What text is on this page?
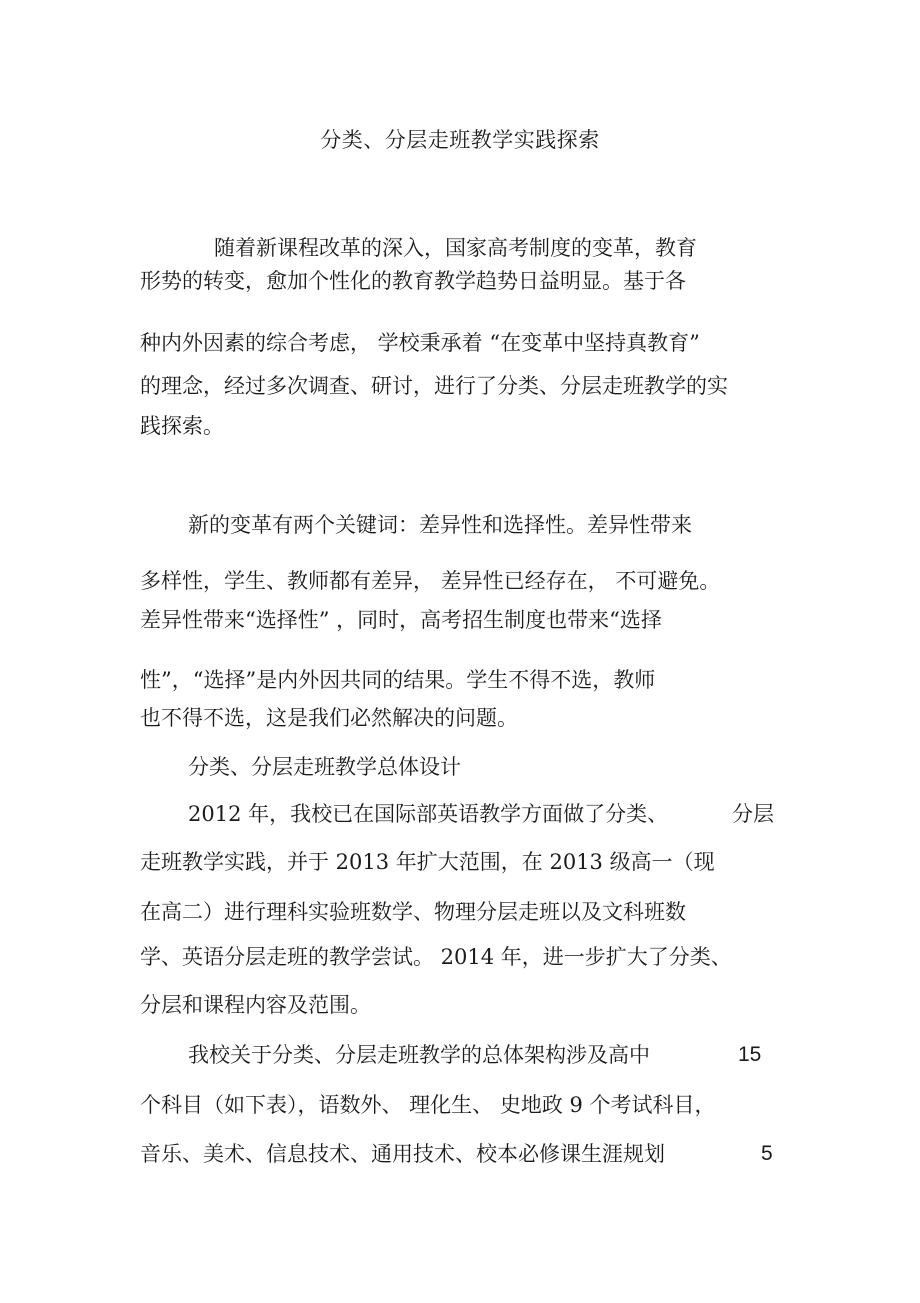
分类、分层走班教学实践探索
随着新课程改革的深入，国家高考制度的变革，教育
形势的转变，愈加个性化的教育教学趋势日益明显。基于各
种内外因素的综合考虑， 学校秉承着 “在变革中坚持真教育”
的理念，经过多次调查、研讨，进行了分类、分层走班教学的实
践探索。
新的变革有两个关键词：差异性和选择性。差异性带来
多样性，学生、教师都有差异， 差异性已经存在， 不可避免。
差异性带来“选择性” ，同时，高考招生制度也带来“选择
性”，“选择”是内外因共同的结果。学生不得不选，教师
也不得不选，这是我们必然解决的问题。
分类、分层走班教学总体设计
2012 年，我校已在国际部英语教学方面做了分类、	分层
走班教学实践，并于 2013 年扩大范围，在 2013 级高一（现
在高二）进行理科实验班数学、物理分层走班以及文科班数
学、英语分层走班的教学尝试。 2014 年，进一步扩大了分类、
分层和课程内容及范围。
我校关于分类、分层走班教学的总体架构涉及高中	15
个科目（如下表），语数外、 理化生、 史地政 9 个考试科目，
音乐、美术、信息技术、通用技术、校本必修课生涯规划	5
